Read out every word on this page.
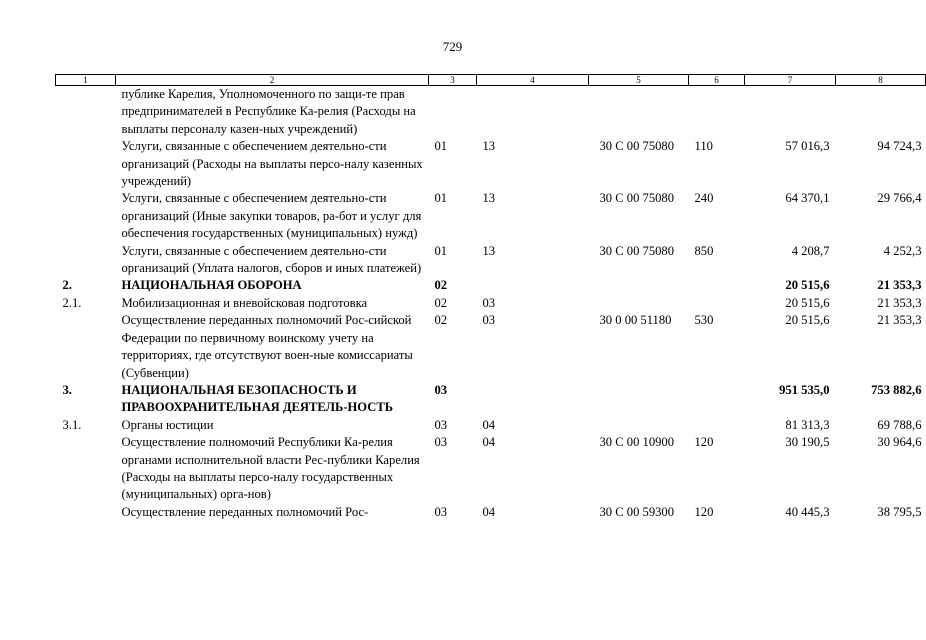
729
1	2	3	4	5	6	7	8
	публике Карелия, Уполномоченного по защи-те прав предпринимателей в Республике Ка-релия (Расходы на выплаты персоналу казен-ных учреждений)						
	Услуги, связанные с обеспечением деятельно-сти организаций (Расходы на выплаты персо-налу казенных учреждений)	01	13	30 С 00 75080	110	57 016,3	94 724,3
	Услуги, связанные с обеспечением деятельно-сти организаций (Иные закупки товаров, ра-бот и услуг для обеспечения государственных (муниципальных) нужд)	01	13	30 С 00 75080	240	64 370,1	29 766,4
	Услуги, связанные с обеспечением деятельно-сти организаций (Уплата налогов, сборов и иных платежей)	01	13	30 С 00 75080	850	4 208,7	4 252,3
2.	НАЦИОНАЛЬНАЯ ОБОРОНА	02				20 515,6	21 353,3
2.1.	Мобилизационная и вневойсковая подготовка	02	03			20 515,6	21 353,3
	Осуществление переданных полномочий Рос-сийской Федерации по первичному воинскому учету на территориях, где отсутствуют воен-ные комиссариаты (Субвенции)	02	03	30 0 00 51180	530	20 515,6	21 353,3
3.	НАЦИОНАЛЬНАЯ БЕЗОПАСНОСТЬ И ПРАВООХРАНИТЕЛЬНАЯ ДЕЯТЕЛЬ-НОСТЬ	03				951 535,0	753 882,6
3.1.	Органы юстиции	03	04			81 313,3	69 788,6
	Осуществление полномочий Республики Ка-релия органами исполнительной власти Рес-публики Карелия (Расходы на выплаты персо-налу государственных (муниципальных) орга-нов)	03	04	30 С 00 10900	120	30 190,5	30 964,6
	Осуществление переданных полномочий Рос-	03	04	30 С 00 59300	120	40 445,3	38 795,5
